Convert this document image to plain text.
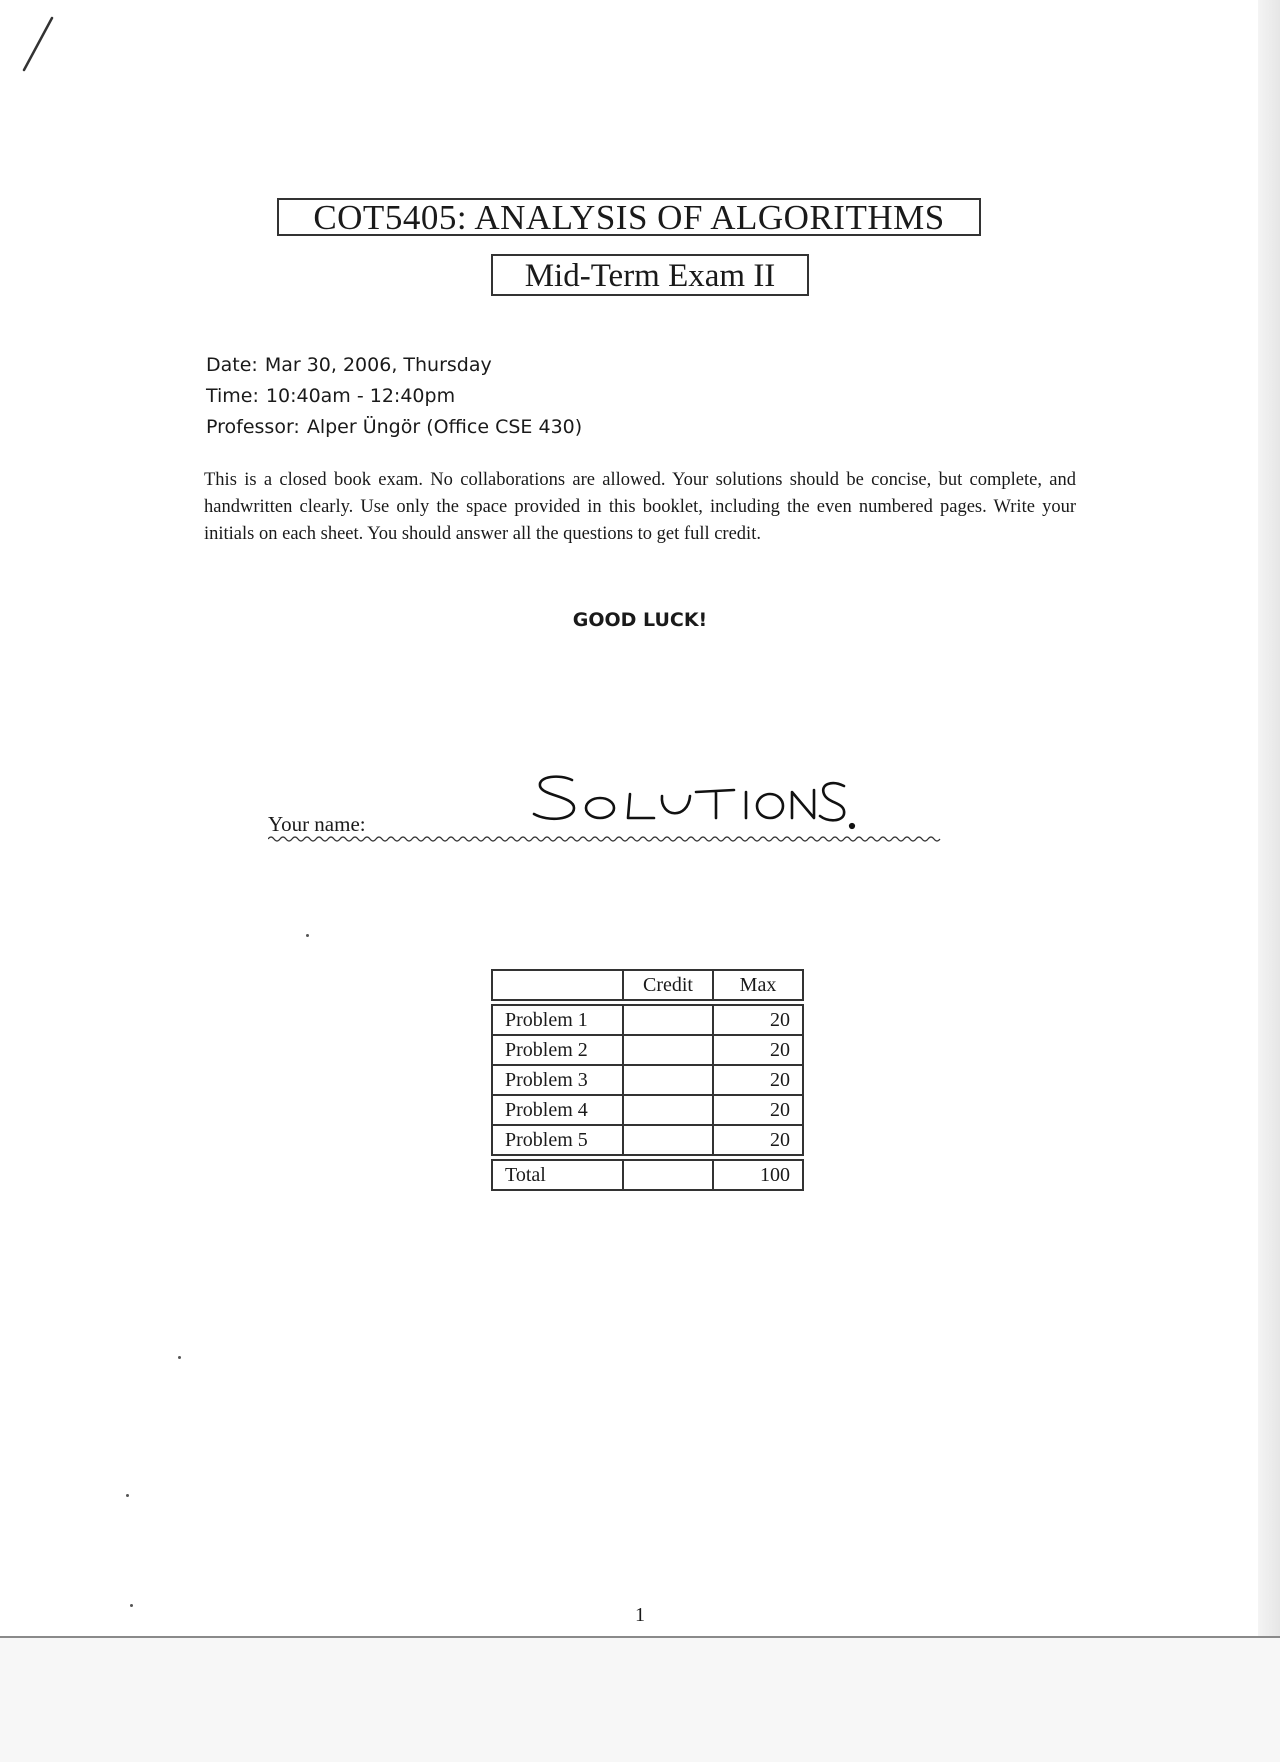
COT5405: ANALYSIS OF ALGORITHMS
Mid-Term Exam II
Date: Mar 30, 2006, Thursday
Time: 10:40am - 12:40pm
Professor: Alper Üngör (Office CSE 430)
This is a closed book exam. No collaborations are allowed. Your solutions should be concise, but complete, and handwritten clearly. Use only the space provided in this booklet, including the even numbered pages. Write your initials on each sheet. You should answer all the questions to get full credit.
GOOD LUCK!
Your name:
	Credit	Max

Problem 1		20
Problem 2		20
Problem 3		20
Problem 4		20
Problem 5		20

Total		100
1
